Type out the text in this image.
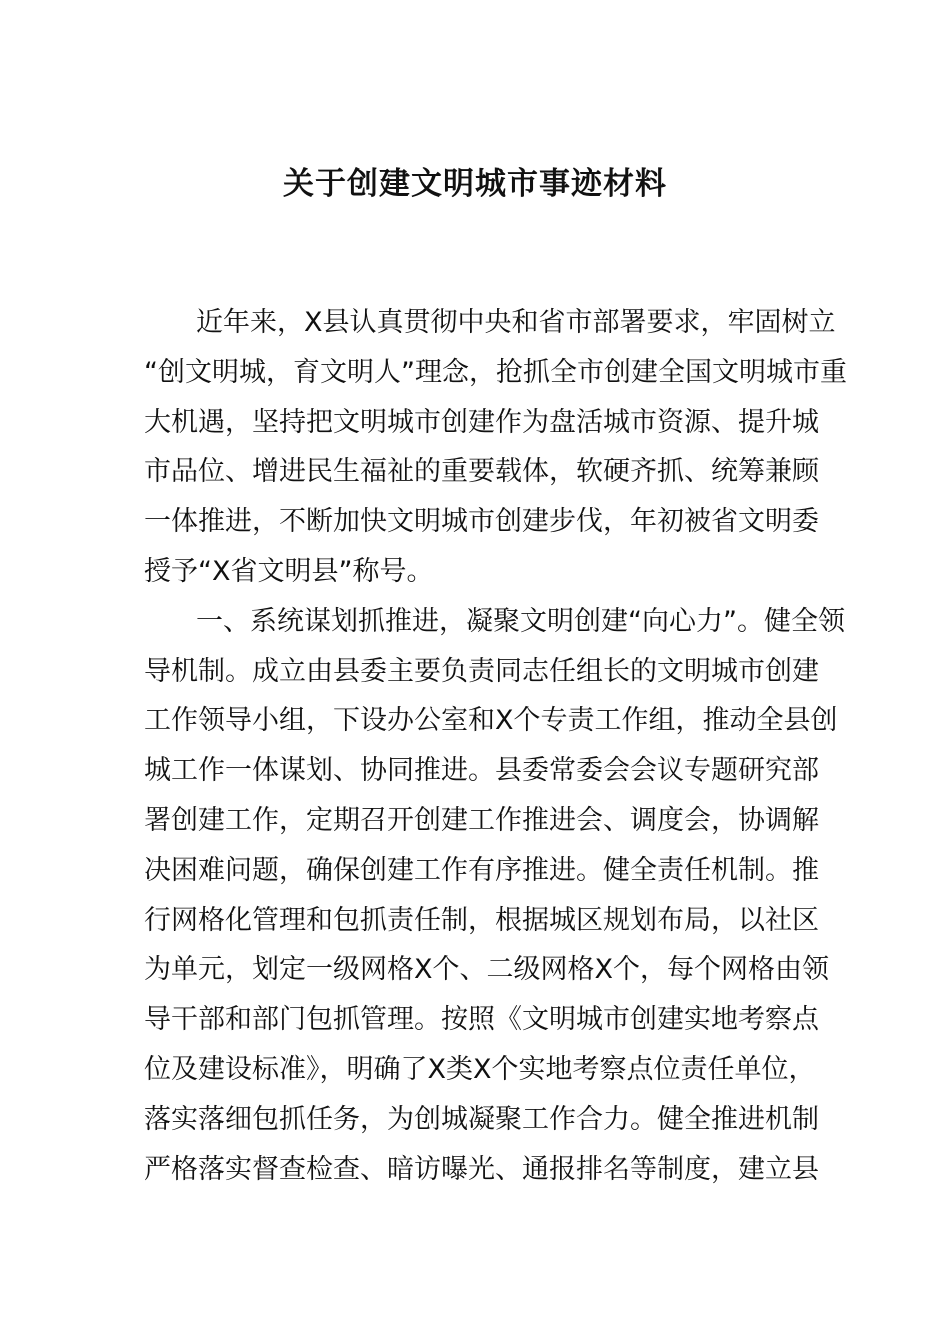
关于创建文明城市事迹材料
近年来，X县认真贯彻中央和省市部署要求，牢固树立
“创文明城，育文明人”理念，抢抓全市创建全国文明城市重
大机遇，坚持把文明城市创建作为盘活城市资源、提升城
市品位、增进民生福祉的重要载体，软硬齐抓、统筹兼顾
一体推进，不断加快文明城市创建步伐，年初被省文明委
授予“X省文明县”称号。
一、系统谋划抓推进，凝聚文明创建“向心力”。健全领
导机制。成立由县委主要负责同志任组长的文明城市创建
工作领导小组，下设办公室和X个专责工作组，推动全县创
城工作一体谋划、协同推进。县委常委会会议专题研究部
署创建工作，定期召开创建工作推进会、调度会，协调解
决困难问题，确保创建工作有序推进。健全责任机制。推
行网格化管理和包抓责任制，根据城区规划布局，以社区
为单元，划定一级网格X个、二级网格X个，每个网格由领
导干部和部门包抓管理。按照《文明城市创建实地考察点
位及建设标准》，明确了X类X个实地考察点位责任单位，
落实落细包抓任务，为创城凝聚工作合力。健全推进机制
严格落实督查检查、暗访曝光、通报排名等制度，建立县
